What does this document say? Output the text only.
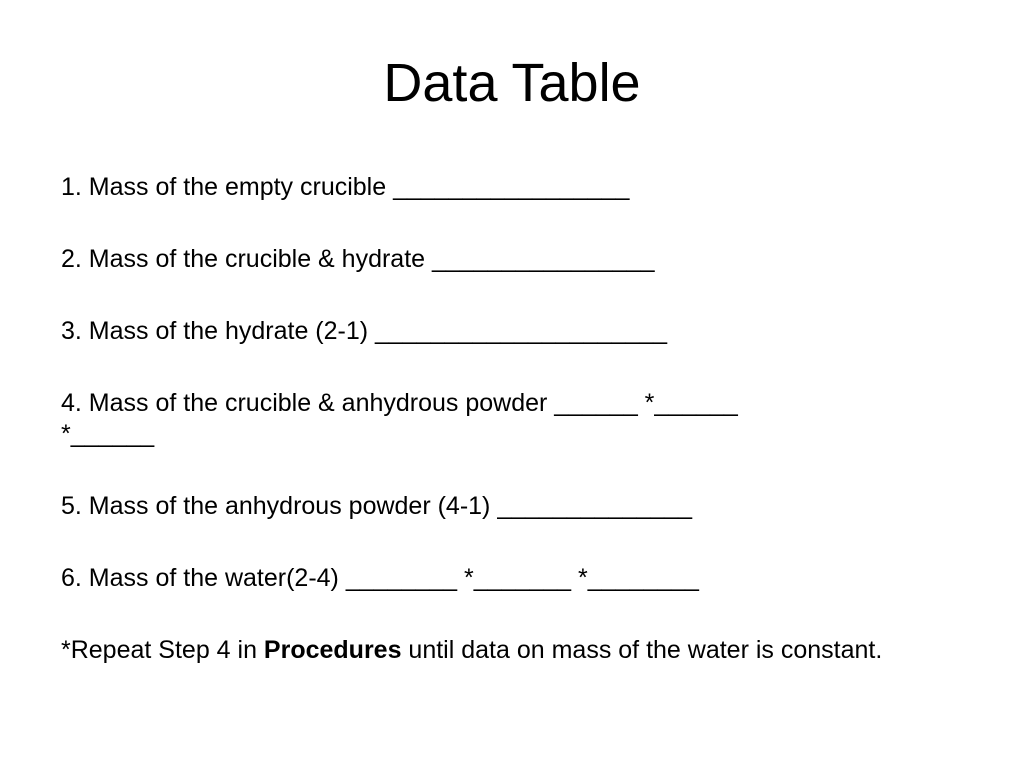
Data Table
1. Mass of the empty crucible _________________
2. Mass of the crucible & hydrate ________________
3. Mass of the hydrate (2-1) _____________________
4. Mass of the crucible & anhydrous powder ______ *______
*______
5. Mass of the anhydrous powder (4-1) ______________
6. Mass of the water(2-4) ________ *_______ *________
*Repeat Step 4 in Procedures until data on mass of the water is constant.
